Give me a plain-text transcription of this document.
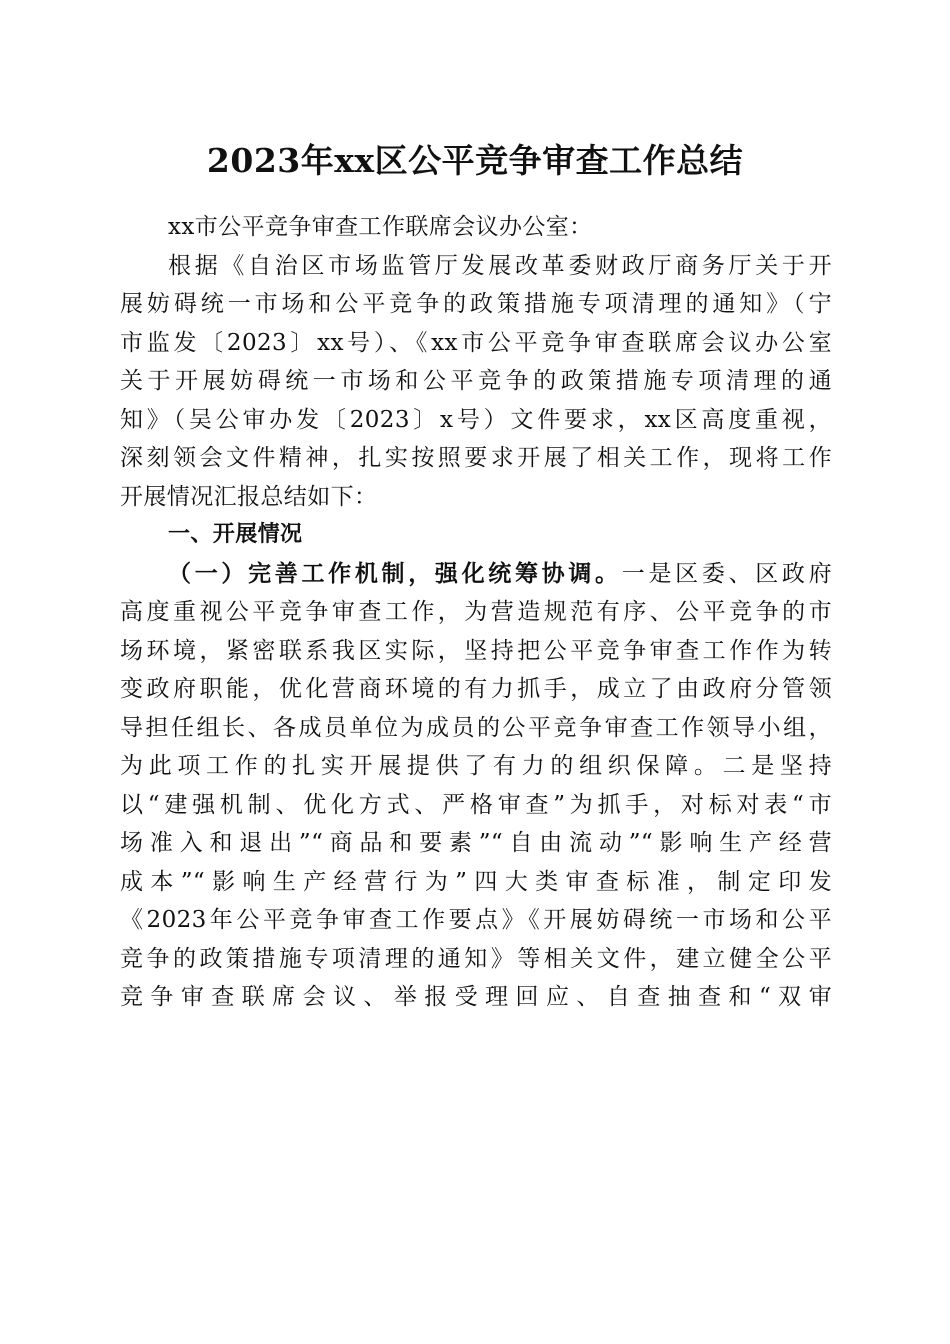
2023年xx区公平竞争审查工作总结
xx市公平竞争审查工作联席会议办公室：
根据《自治区市场监管厅发展改革委财政厅商务厅关于开
展妨碍统一市场和公平竞争的政策措施专项清理的通知》（宁
市监发〔2023〕xx号）、《xx市公平竞争审查联席会议办公室
关于开展妨碍统一市场和公平竞争的政策措施专项清理的通
知》（吴公审办发〔2023〕x号）文件要求，xx区高度重视，
深刻领会文件精神，扎实按照要求开展了相关工作，现将工作
开展情况汇报总结如下：
一、开展情况
（一）完善工作机制，强化统筹协调。一是区委、区政府
高度重视公平竞争审查工作，为营造规范有序、公平竞争的市
场环境，紧密联系我区实际，坚持把公平竞争审查工作作为转
变政府职能，优化营商环境的有力抓手，成立了由政府分管领
导担任组长、各成员单位为成员的公平竞争审查工作领导小组，
为此项工作的扎实开展提供了有力的组织保障。二是坚持
以“建强机制、优化方式、严格审查”为抓手，对标对表“市
场准入和退出”“商品和要素”“自由流动”“影响生产经营
成本”“影响生产经营行为”四大类审查标准，制定印发
《2023年公平竞争审查工作要点》《开展妨碍统一市场和公平
竞争的政策措施专项清理的通知》等相关文件，建立健全公平
竞争审查联席会议、举报受理回应、自查抽查和“双审
